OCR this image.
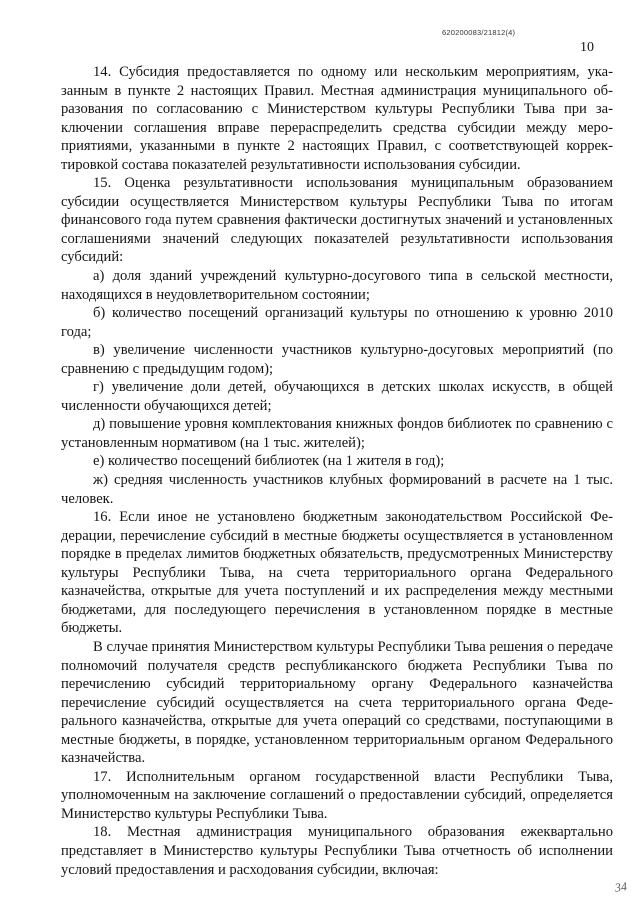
620200083/21812(4)
10

14. Субсидия предоставляется по одному или нескольким мероприятиям, указанным в пункте 2 настоящих Правил. Местная администрация муниципального образования по согласованию с Министерством культуры Республики Тыва при заключении соглашения вправе перераспределить средства субсидии между мероприятиями, указанными в пункте 2 настоящих Правил, с соответствующей корректировкой состава показателей результативности использования субсидии.

15. Оценка результативности использования муниципальным образованием субсидии осуществляется Министерством культуры Республики Тыва по итогам финансового года путем сравнения фактически достигнутых значений и установленных соглашениями значений следующих показателей результативности использования субсидий:

а) доля зданий учреждений культурно-досугового типа в сельской местности, находящихся в неудовлетворительном состоянии;

б) количество посещений организаций культуры по отношению к уровню 2010 года;

в) увеличение численности участников культурно-досуговых мероприятий (по сравнению с предыдущим годом);

г) увеличение доли детей, обучающихся в детских школах искусств, в общей численности обучающихся детей;

д) повышение уровня комплектования книжных фондов библиотек по сравнению с установленным нормативом (на 1 тыс. жителей);

е) количество посещений библиотек (на 1 жителя в год);

ж) средняя численность участников клубных формирований в расчете на 1 тыс. человек.

16. Если иное не установлено бюджетным законодательством Российской Федерации, перечисление субсидий в местные бюджеты осуществляется в установленном порядке в пределах лимитов бюджетных обязательств, предусмотренных Министерству культуры Республики Тыва, на счета территориального органа Федерального казначейства, открытые для учета поступлений и их распределения между местными бюджетами, для последующего перечисления в установленном порядке в местные бюджеты.

В случае принятия Министерством культуры Республики Тыва решения о передаче полномочий получателя средств республиканского бюджета Республики Тыва по перечислению субсидий территориальному органу Федерального казначейства перечисление субсидий осуществляется на счета территориального органа Федерального казначейства, открытые для учета операций со средствами, поступающими в местные бюджеты, в порядке, установленном территориальным органом Федерального казначейства.

17. Исполнительным органом государственной власти Республики Тыва, уполномоченным на заключение соглашений о предоставлении субсидий, определяется Министерство культуры Республики Тыва.

18. Местная администрация муниципального образования ежеквартально представляет в Министерство культуры Республики Тыва отчетность об исполнении условий предоставления и расходования субсидии, включая:

34
